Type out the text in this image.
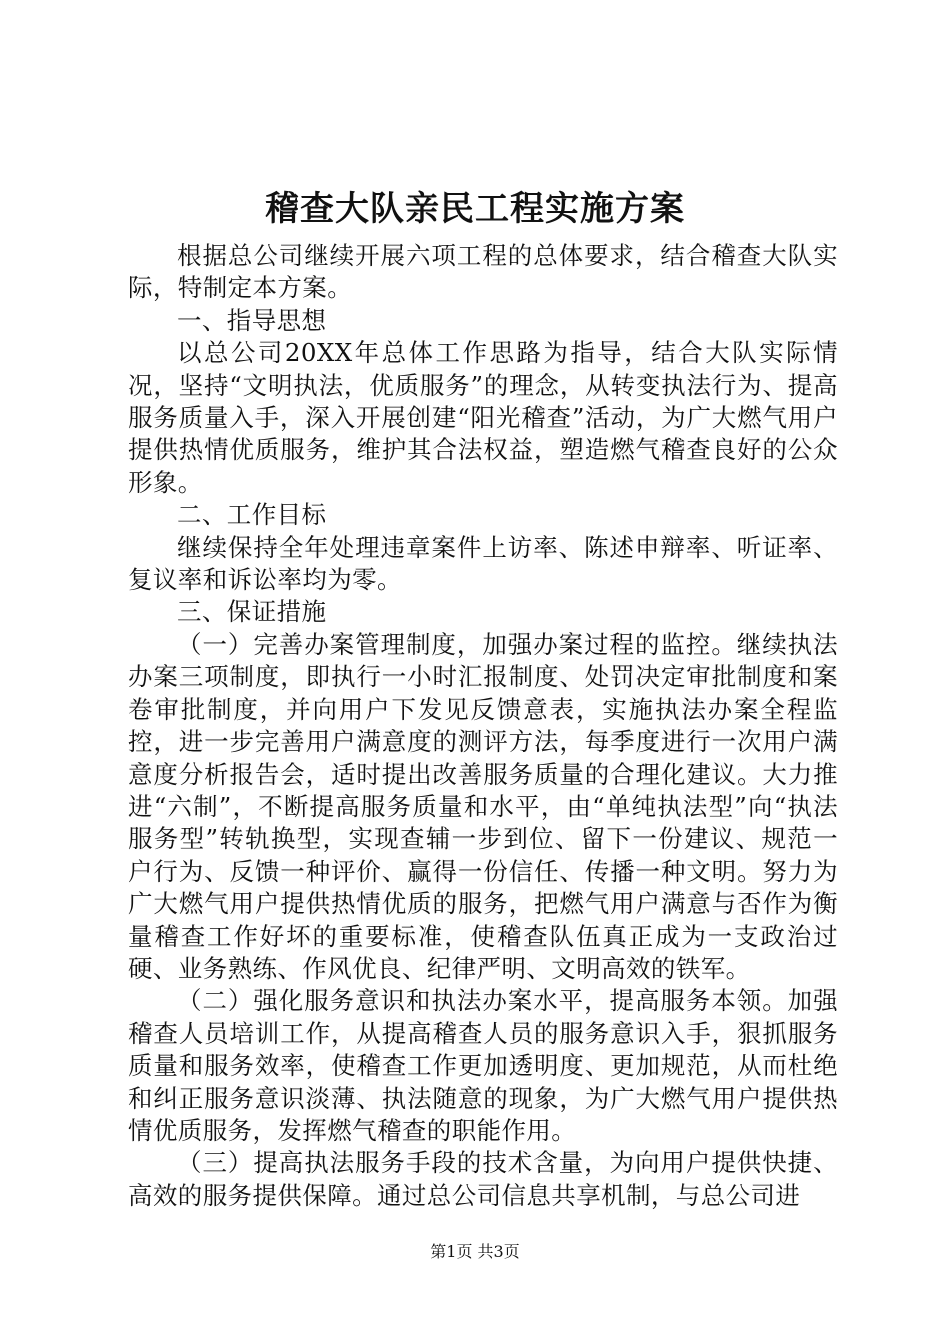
稽查大队亲民工程实施方案

根据总公司继续开展六项工程的总体要求，结合稽查大队实际，特制定本方案。

一、指导思想

以总公司20XX年总体工作思路为指导，结合大队实际情况，坚持“文明执法，优质服务”的理念，从转变执法行为、提高服务质量入手，深入开展创建“阳光稽查”活动，为广大燃气用户提供热情优质服务，维护其合法权益，塑造燃气稽查良好的公众形象。

二、工作目标

继续保持全年处理违章案件上访率、陈述申辩率、听证率、复议率和诉讼率均为零。

三、保证措施

（一）完善办案管理制度，加强办案过程的监控。继续执法办案三项制度，即执行一小时汇报制度、处罚决定审批制度和案卷审批制度，并向用户下发见反馈意表，实施执法办案全程监控，进一步完善用户满意度的测评方法，每季度进行一次用户满意度分析报告会，适时提出改善服务质量的合理化建议。大力推进“六制”，不断提高服务质量和水平，由“单纯执法型”向“执法服务型”转轨换型，实现查辅一步到位、留下一份建议、规范一户行为、反馈一种评价、赢得一份信任、传播一种文明。努力为广大燃气用户提供热情优质的服务，把燃气用户满意与否作为衡量稽查工作好坏的重要标准，使稽查队伍真正成为一支政治过硬、业务熟练、作风优良、纪律严明、文明高效的铁军。

（二）强化服务意识和执法办案水平，提高服务本领。加强稽查人员培训工作，从提高稽查人员的服务意识入手，狠抓服务质量和服务效率，使稽查工作更加透明度、更加规范，从而杜绝和纠正服务意识淡薄、执法随意的现象，为广大燃气用户提供热情优质服务，发挥燃气稽查的职能作用。

（三）提高执法服务手段的技术含量，为向用户提供快捷、高效的服务提供保障。通过总公司信息共享机制，与总公司进

第1页 共3页
